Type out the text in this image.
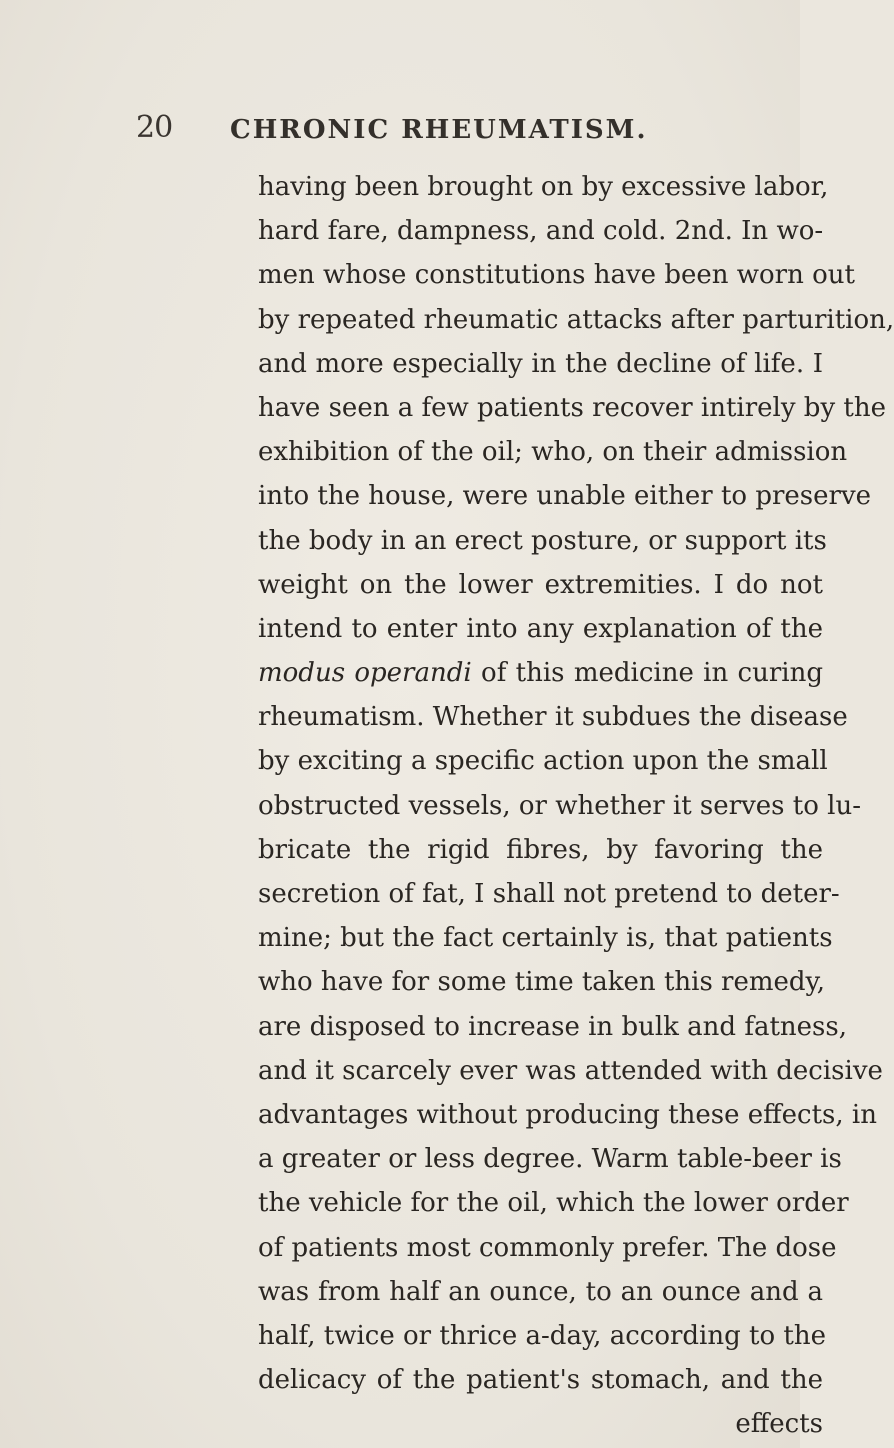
20 CHRONIC RHEUMATISM.
having been brought on by excessive labor,
hard fare, dampness, and cold. 2nd. In wo-
men whose constitutions have been worn out
by repeated rheumatic attacks after parturition,
and more especially in the decline of life. I
have seen a few patients recover intirely by the
exhibition of the oil; who, on their admission
into the house, were unable either to preserve
the body in an erect posture, or support its
weight on the lower extremities. I do not
intend to enter into any explanation of the
modus operandi of this medicine in curing
rheumatism. Whether it subdues the disease
by exciting a specific action upon the small
obstructed vessels, or whether it serves to lu-
bricate the rigid fibres, by favoring the
secretion of fat, I shall not pretend to deter-
mine; but the fact certainly is, that patients
who have for some time taken this remedy,
are disposed to increase in bulk and fatness,
and it scarcely ever was attended with decisive
advantages without producing these effects, in
a greater or less degree. Warm table-beer is
the vehicle for the oil, which the lower order
of patients most commonly prefer. The dose
was from half an ounce, to an ounce and a
half, twice or thrice a-day, according to the
delicacy of the patient's stomach, and the
effects
